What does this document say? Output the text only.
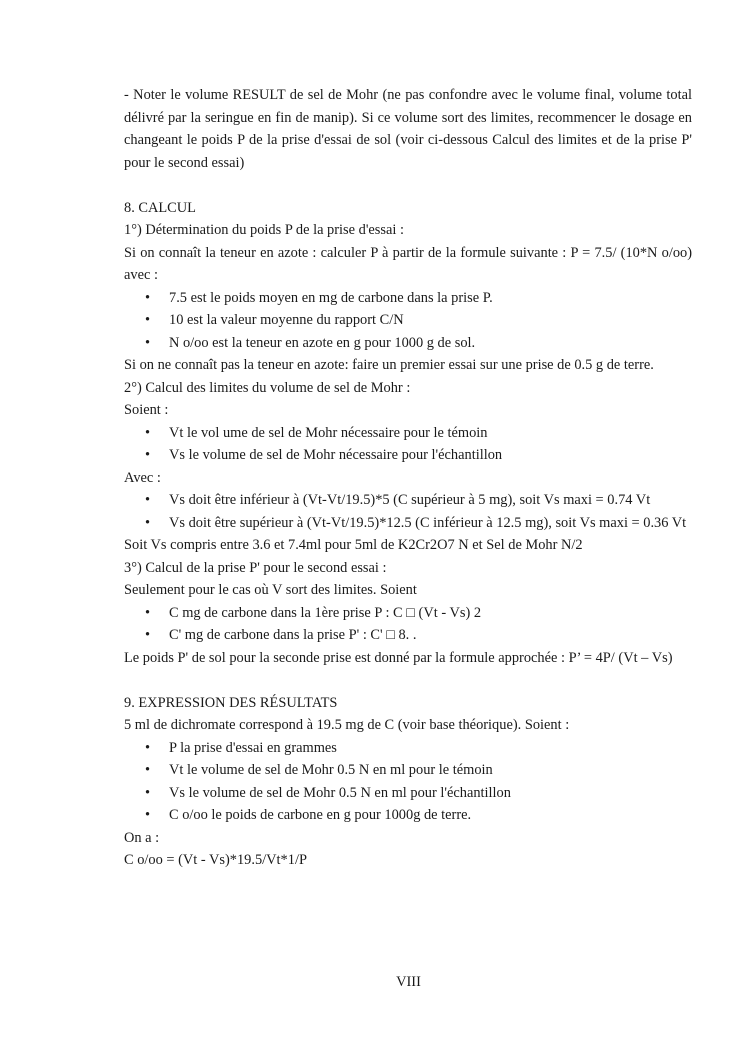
- Noter le volume RESULT de sel de Mohr (ne pas confondre avec le volume final, volume total délivré par la seringue en fin de manip). Si ce volume sort des limites, recommencer le dosage en changeant le poids P de la prise d'essai de sol (voir ci-dessous Calcul des limites et de la prise P' pour le second essai)

8. CALCUL

1°) Détermination du poids P de la prise d'essai :

Si on connaît la teneur en azote : calculer P à partir de la formule suivante : P = 7.5/ (10*N o/oo) avec :

•	7.5 est le poids moyen en mg de carbone dans la prise P.
•	10 est la valeur moyenne du rapport C/N
•	N o/oo est la teneur en azote en g pour 1000 g de sol.

Si on ne connaît pas la teneur en azote: faire un premier essai sur une prise de 0.5 g de terre.

2°) Calcul des limites du volume de sel de Mohr :

Soient :

•	Vt le vol ume de sel de Mohr nécessaire pour le témoin
•	Vs le volume de sel de Mohr nécessaire pour l'échantillon

Avec :

•	Vs doit être inférieur à (Vt-Vt/19.5)*5 (C supérieur à 5 mg), soit Vs maxi = 0.74 Vt
•	Vs doit être supérieur à (Vt-Vt/19.5)*12.5 (C inférieur à 12.5 mg), soit Vs maxi = 0.36 Vt

Soit Vs compris entre 3.6 et 7.4ml pour 5ml de K2Cr2O7 N et Sel de Mohr N/2

3°) Calcul de la prise P' pour le second essai :

Seulement pour le cas où V sort des limites. Soient

•	C mg de carbone dans la 1ère prise P : C □ (Vt - Vs) 2
•	C' mg de carbone dans la prise P' : C' □ 8. .

Le poids P' de sol pour la seconde prise est donné par la formule approchée : P’ = 4P/ (Vt – Vs)

9. EXPRESSION DES RÉSULTATS

5 ml de dichromate correspond à 19.5 mg de C (voir base théorique). Soient :

•	P la prise d'essai en grammes
•	Vt le volume de sel de Mohr 0.5 N en ml pour le témoin
•	Vs le volume de sel de Mohr 0.5 N en ml pour l'échantillon
•	C o/oo le poids de carbone en g pour 1000g de terre.

On a :

C o/oo = (Vt - Vs)*19.5/Vt*1/P

VIII
